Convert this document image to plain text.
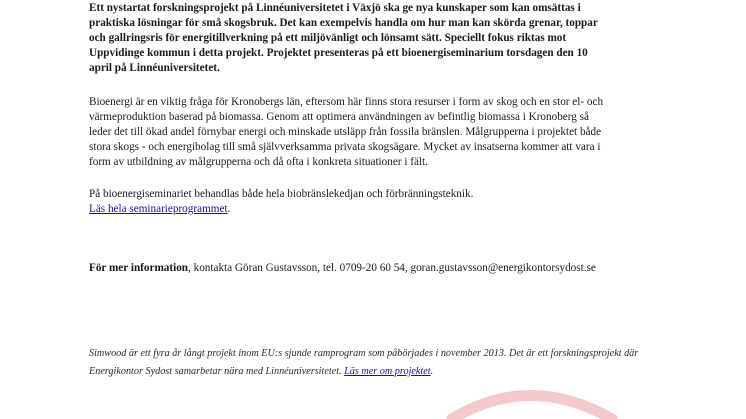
Ett nystartat forskningsprojekt på Linnéuniversitetet i Växjö ska ge nya kunskaper som kan omsättas i
praktiska lösningar för små skogsbruk. Det kan exempelvis handla om hur man kan skörda grenar, toppar
och gallringsris för energitillverkning på ett miljövänligt och lönsamt sätt. Speciellt fokus riktas mot
Uppvidinge kommun i detta projekt. Projektet presenteras på ett bioenergiseminarium torsdagen den 10
april på Linnéuniversitetet.
Bioenergi är en viktig fråga för Kronobergs län, eftersom här finns stora resurser i form av skog och en stor el- och
värmeproduktion baserad på biomassa. Genom att optimera användningen av befintlig biomassa i Kronoberg så
leder det till ökad andel förnybar energi och minskade utsläpp från fossila bränslen. Målgrupperna i projektet både
stora skogs - och energibolag till små självverksamma privata skogsägare. Mycket av insatserna kommer att vara i
form av utbildning av målgrupperna och då ofta i konkreta situationer i fält.
På bioenergiseminariet behandlas både hela biobränslekedjan och förbränningsteknik.
Läs hela seminarieprogrammet.

För mer information, kontakta Göran Gustavsson, tel. 0709-20 60 54, goran.gustavsson@energikontorsydost.se

Simwood är ett fyra år långt projekt inom EU:s sjunde ramprogram som påbörjades i november 2013. Det är ett forskningsprojekt där
Energikontor Sydost samarbetar nära med Linnéuniversitetet. Läs mer om projektet.
